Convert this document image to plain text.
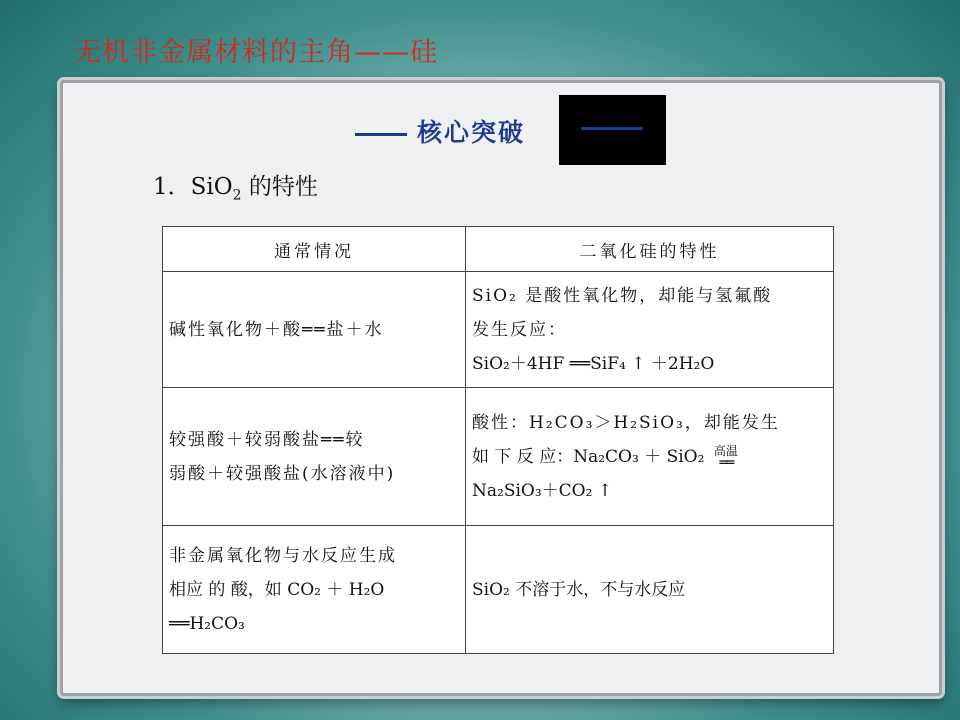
无机非金属材料的主角——硅
核心突破
1．SiO$_2$ 的特性
通常情况	二氧化硅的特性

碱性氧化物＋酸══盐＋水	SiO₂ 是酸性氧化物，却能与氢氟酸
发生反应：
SiO₂＋4HF ══SiF₄ ↑ ＋2H₂O

较强酸＋较弱酸盐══较
弱酸＋较强酸盐(水溶液中)	酸性：H₂CO₃＞H₂SiO₃，却能发生
如 下 反 应：Na₂CO₃ ＋ SiO₂ 高温
══
Na₂SiO₃＋CO₂ ↑

非金属氧化物与水反应生成
相应 的 酸，如 CO₂ ＋ H₂O
══H₂CO₃	SiO₂ 不溶于水，不与水反应
